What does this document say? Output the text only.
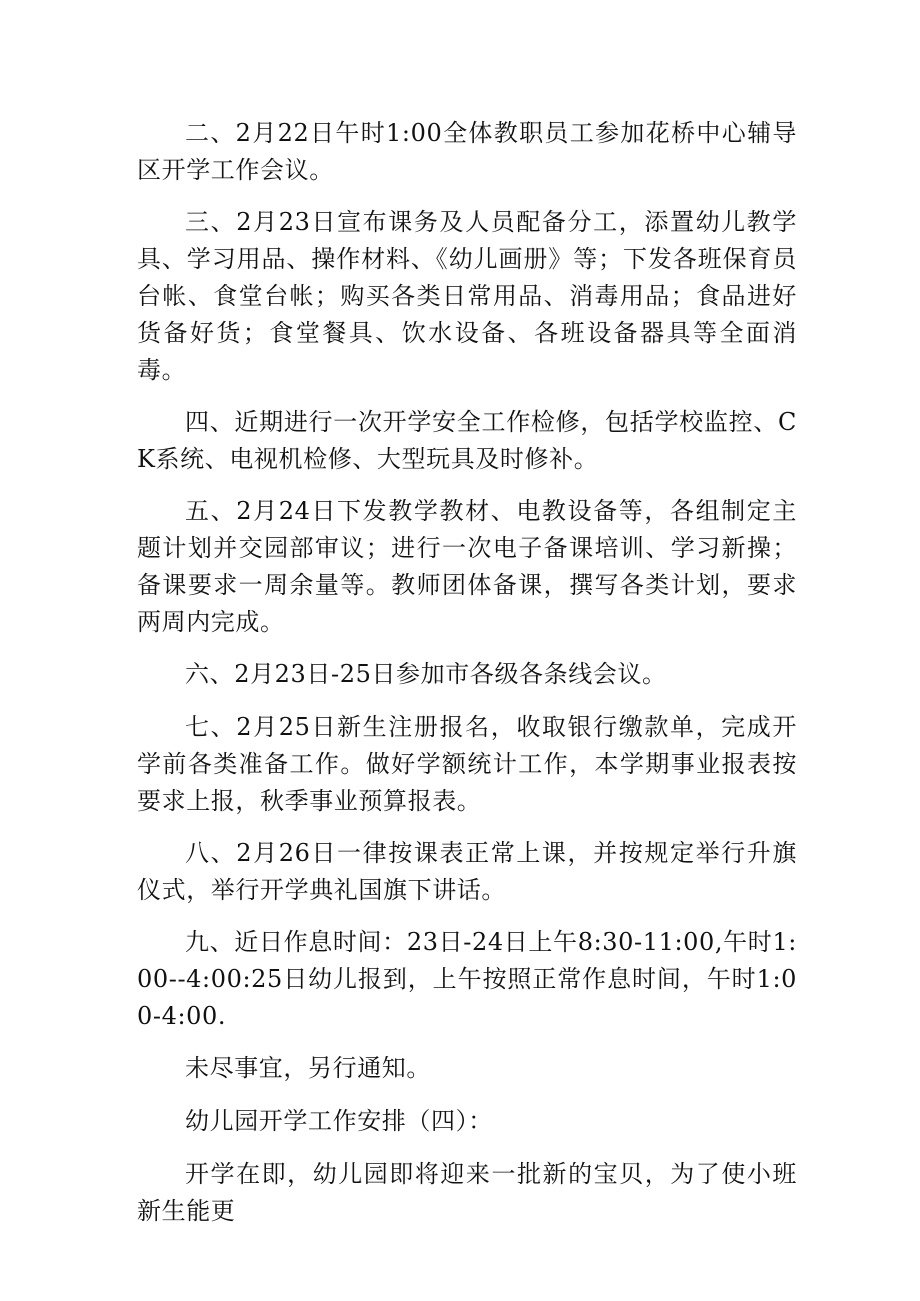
二、2月22日午时1:00全体教职员工参加花桥中心辅导区开学工作会议。

三、2月23日宣布课务及人员配备分工，添置幼儿教学具、学习用品、操作材料、《幼儿画册》等；下发各班保育员台帐、食堂台帐；购买各类日常用品、消毒用品；食品进好货备好货；食堂餐具、饮水设备、各班设备器具等全面消毒。

四、近期进行一次开学安全工作检修，包括学校监控、CK系统、电视机检修、大型玩具及时修补。

五、2月24日下发教学教材、电教设备等，各组制定主题计划并交园部审议；进行一次电子备课培训、学习新操；备课要求一周余量等。教师团体备课，撰写各类计划，要求两周内完成。

六、2月23日-25日参加市各级各条线会议。

七、2月25日新生注册报名，收取银行缴款单，完成开学前各类准备工作。做好学额统计工作，本学期事业报表按要求上报，秋季事业预算报表。

八、2月26日一律按课表正常上课，并按规定举行升旗仪式，举行开学典礼国旗下讲话。

九、近日作息时间：23日-24日上午8:30-11:00,午时1:00--4:00:25日幼儿报到，上午按照正常作息时间，午时1:00-4:00.

未尽事宜，另行通知。

幼儿园开学工作安排（四）：

开学在即，幼儿园即将迎来一批新的宝贝，为了使小班新生能更
